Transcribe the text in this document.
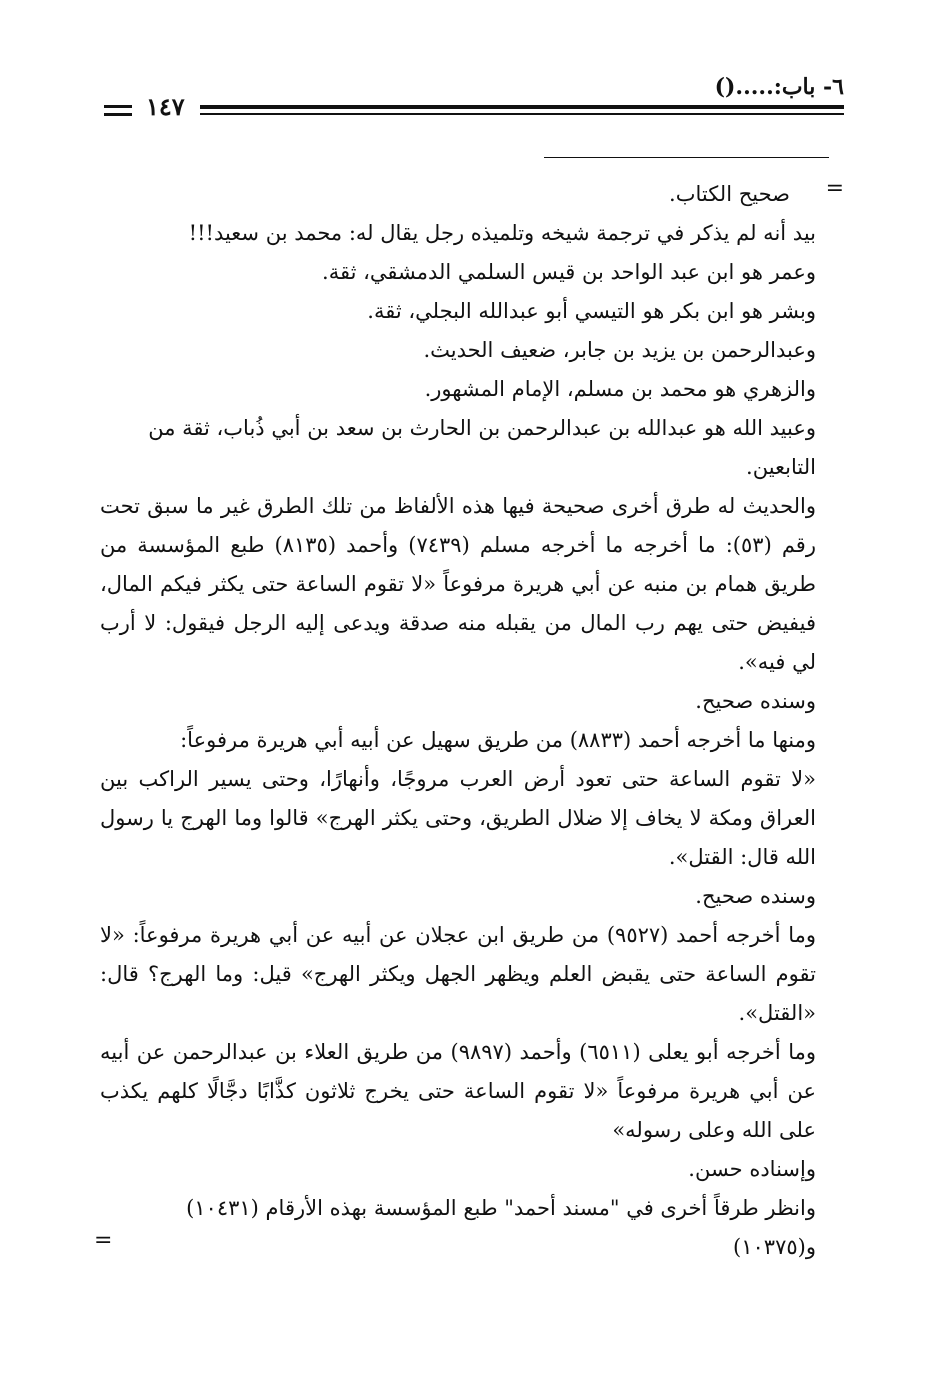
٦- باب:.....()
١٤٧
=

صحيح الكتاب.

بيد أنه لم يذكر في ترجمة شيخه وتلميذه رجل يقال له: محمد بن سعيد!!!

وعمر هو ابن عبد الواحد بن قيس السلمي الدمشقي، ثقة.

وبشر هو ابن بكر هو التيسي أبو عبدالله البجلي، ثقة.

وعبدالرحمن بن يزيد بن جابر، ضعيف الحديث.

والزهري هو محمد بن مسلم، الإمام المشهور.

وعبيد الله هو عبدالله بن عبدالرحمن بن الحارث بن سعد بن أبي ذُباب، ثقة من التابعين.

والحديث له طرق أخرى صحيحة فيها هذه الألفاظ من تلك الطرق غير ما سبق تحت رقم (٥٣): ما أخرجه ما أخرجه مسلم (٧٤٣٩) وأحمد (٨١٣٥) طبع المؤسسة من طريق همام بن منبه عن أبي هريرة مرفوعاً «لا تقوم الساعة حتى يكثر فيكم المال، فيفيض حتى يهم رب المال من يقبله منه صدقة ويدعى إليه الرجل فيقول: لا أرب لي فيه».

وسنده صحيح.

ومنها ما أخرجه أحمد (٨٨٣٣) من طريق سهيل عن أبيه أبي هريرة مرفوعاً:

«لا تقوم الساعة حتى تعود أرض العرب مروجًا، وأنهارًا، وحتى يسير الراكب بين العراق ومكة لا يخاف إلا ضلال الطريق، وحتى يكثر الهرج» قالوا وما الهرج يا رسول الله قال: القتل».

وسنده صحيح.

وما أخرجه أحمد (٩٥٢٧) من طريق ابن عجلان عن أبيه عن أبي هريرة مرفوعاً: «لا تقوم الساعة حتى يقبض العلم ويظهر الجهل ويكثر الهرج» قيل: وما الهرج؟ قال: «القتل».

وما أخرجه أبو يعلى (٦٥١١) وأحمد (٩٨٩٧) من طريق العلاء بن عبدالرحمن عن أبيه عن أبي هريرة مرفوعاً «لا تقوم الساعة حتى يخرج ثلاثون كذَّابًا دجَّالًا كلهم يكذب على الله وعلى رسوله»

وإسناده حسن.

وانظر طرقاً أخرى في "مسند أحمد" طبع المؤسسة بهذه الأرقام (١٠٤٣١) و(١٠٣٧٥)

=
